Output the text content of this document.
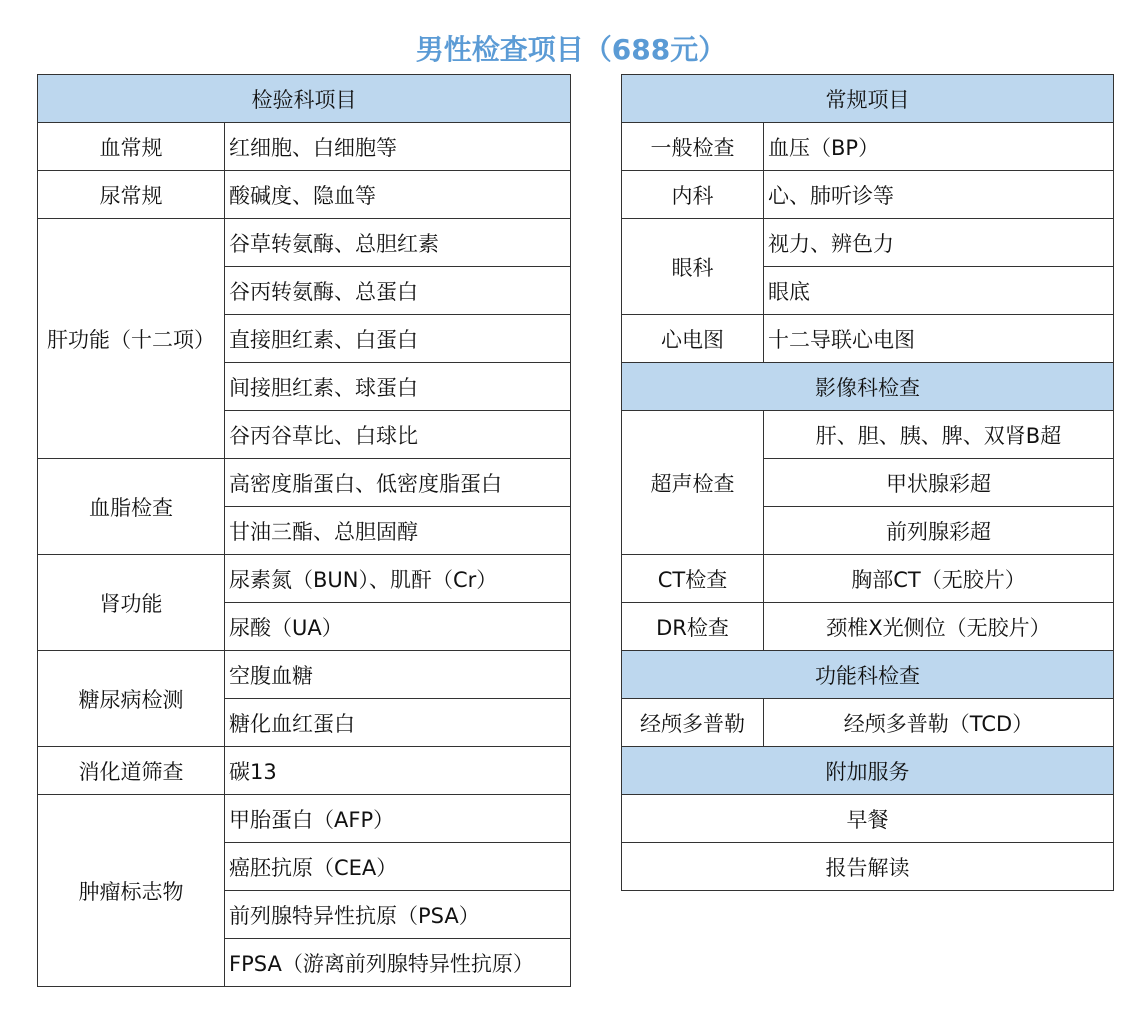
男性检查项目（688元）
检验科项目	
血常规	红细胞、白细胞等
尿常规	酸碱度、隐血等
肝功能（十二项）	谷草转氨酶、总胆红素
	谷丙转氨酶、总蛋白
	直接胆红素、白蛋白
	间接胆红素、球蛋白
	谷丙谷草比、白球比
血脂检查	高密度脂蛋白、低密度脂蛋白
	甘油三酯、总胆固醇
肾功能	尿素氮（BUN）、肌酐（Cr）
	尿酸（UA）
糖尿病检测	空腹血糖
	糖化血红蛋白
消化道筛查	碳13
肿瘤标志物	甲胎蛋白（AFP）
	癌胚抗原（CEA）
	前列腺特异性抗原（PSA）
	FPSA（游离前列腺特异性抗原）
常规项目	
一般检查	血压（BP）
内科	心、肺听诊等
眼科	视力、辨色力
	眼底
心电图	十二导联心电图
影像科检查	
超声检查	肝、胆、胰、脾、双肾B超
	甲状腺彩超
	前列腺彩超
CT检查	胸部CT（无胶片）
DR检查	颈椎X光侧位（无胶片）
功能科检查	
经颅多普勒	经颅多普勒（TCD）
附加服务	
早餐	
报告解读	
